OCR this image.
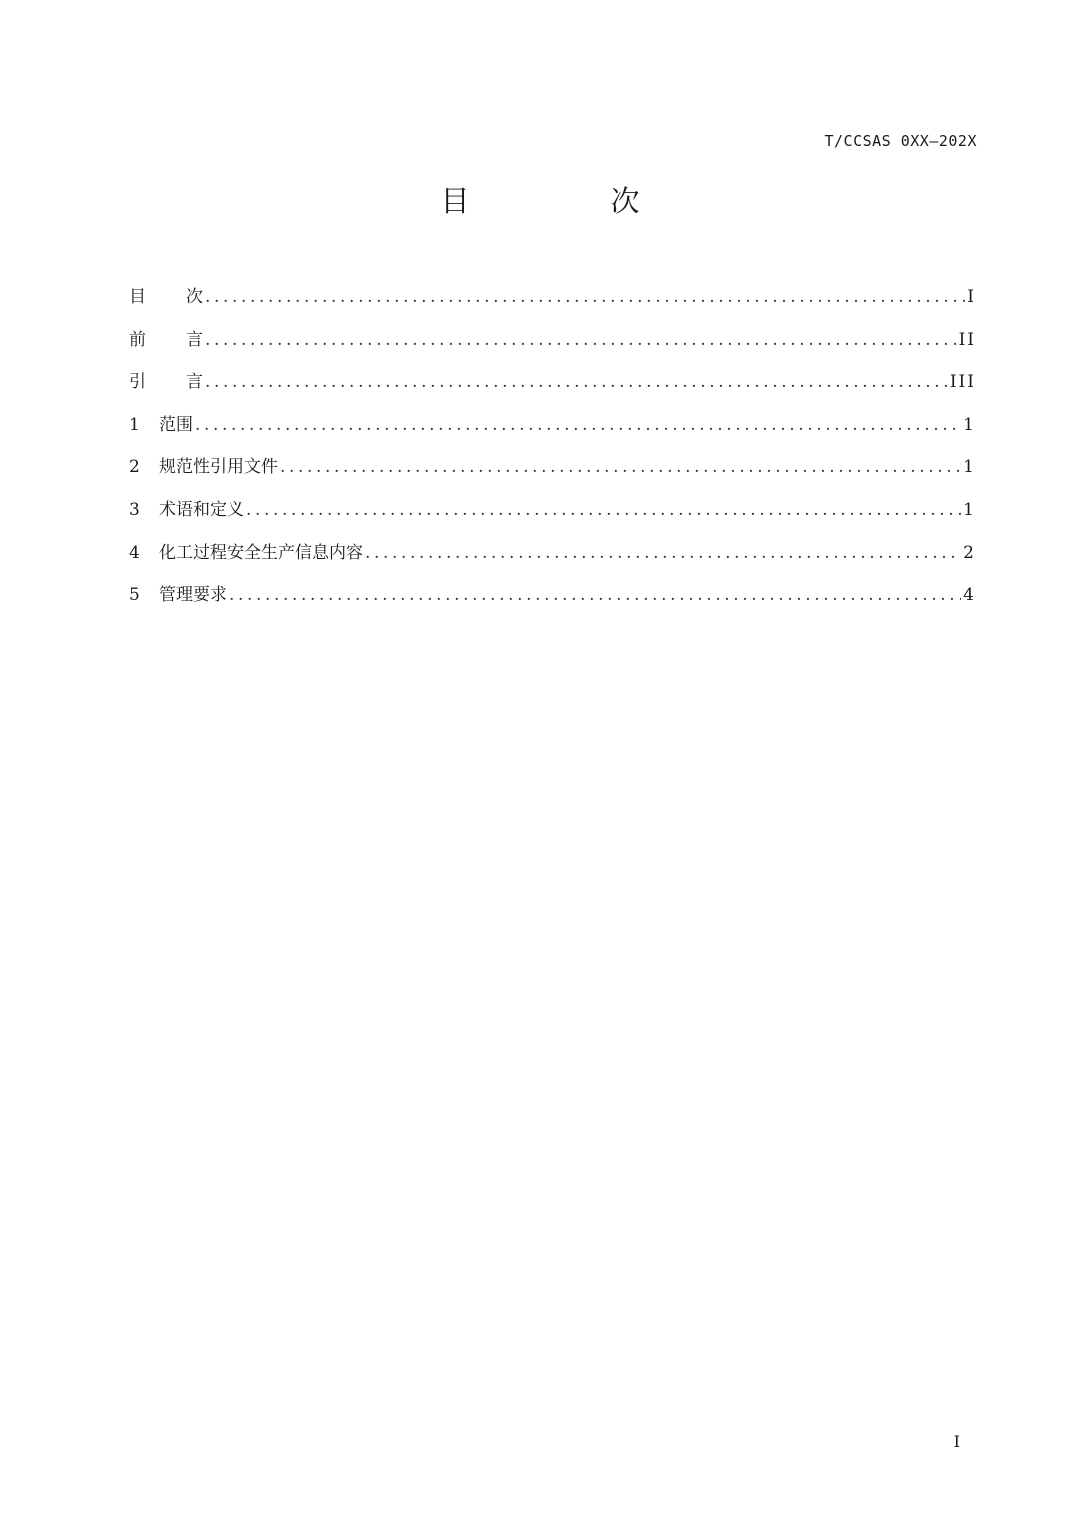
T/CCSAS 0XX—202X
目　次
目 次 .....	I
前 言 .....	II
引 言 .....	III
1	范围 .....	1
2	规范性引用文件 .....	1
3	术语和定义 .....	1
4	化工过程安全生产信息内容 .....	2
5	管理要求 .....	4
I
